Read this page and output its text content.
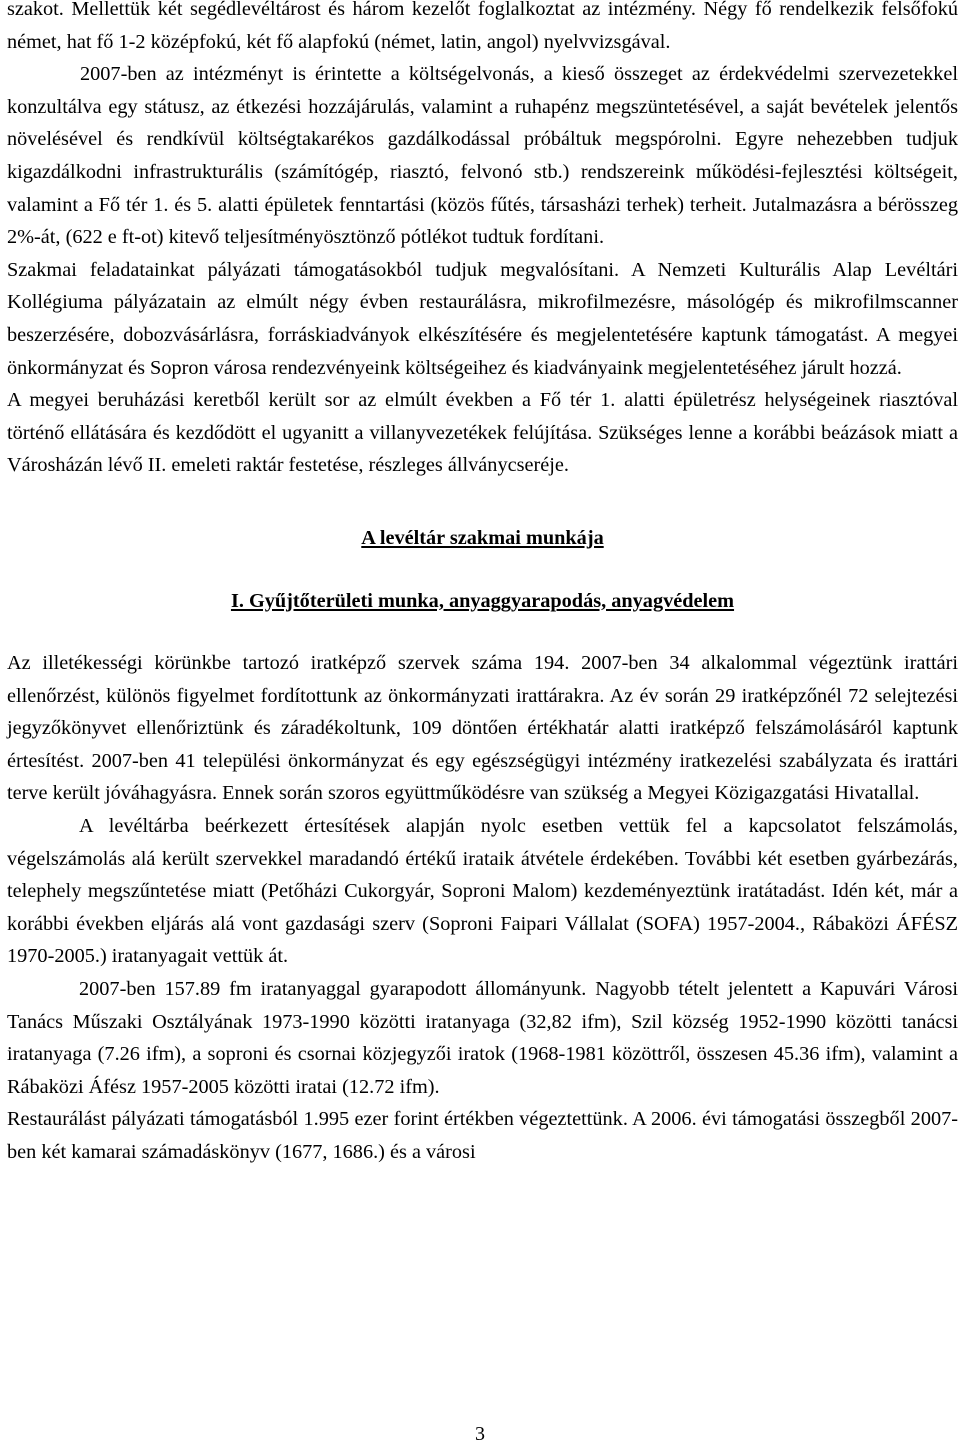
szakot. Mellettük két segédlevéltárost és három kezelőt foglalkoztat az intézmény. Négy fő rendelkezik felsőfokú német, hat fő 1-2 középfokú, két fő alapfokú (német, latin, angol) nyelvvizsgával.

2007-ben az intézményt is érintette a költségelvonás, a kieső összeget az érdekvédelmi szervezetekkel konzultálva egy státusz, az étkezési hozzájárulás, valamint a ruhapénz megszüntetésével, a saját bevételek jelentős növelésével és rendkívül költségtakarékos gazdálkodással próbáltuk megspórolni. Egyre nehezebben tudjuk kigazdálkodni infrastrukturális (számítógép, riasztó, felvonó stb.) rendszereink működési-fejlesztési költségeit, valamint a Fő tér 1. és 5. alatti épületek fenntartási (közös fűtés, társasházi terhek) terheit. Jutalmazásra a bérösszeg 2%-át, (622 e ft-ot) kitevő teljesítményösztönző pótlékot tudtuk fordítani.

Szakmai feladatainkat pályázati támogatásokból tudjuk megvalósítani. A Nemzeti Kulturális Alap Levéltári Kollégiuma pályázatain az elmúlt négy évben restaurálásra, mikrofilmezésre, másológép és mikrofilmscanner beszerzésére, dobozvásárlásra, forráskiadványok elkészítésére és megjelentetésére kaptunk támogatást. A megyei önkormányzat és Sopron városa rendezvényeink költségeihez és kiadványaink megjelentetéséhez járult hozzá.

A megyei beruházási keretből került sor az elmúlt években a Fő tér 1. alatti épületrész helységeinek riasztóval történő ellátására és kezdődött el ugyanitt a villanyvezetékek felújítása. Szükséges lenne a korábbi beázások miatt a Városházán lévő II. emeleti raktár festetése, részleges állványcseréje.

A levéltár szakmai munkája
I. Gyűjtőterületi munka, anyaggyarapodás, anyagvédelem

Az illetékességi körünkbe tartozó iratképző szervek száma 194. 2007-ben 34 alkalommal végeztünk irattári ellenőrzést, különös figyelmet fordítottunk az önkormányzati irattárakra. Az év során 29 iratképzőnél 72 selejtezési jegyzőkönyvet ellenőriztünk és záradékoltunk, 109 döntően értékhatár alatti iratképző felszámolásáról kaptunk értesítést. 2007-ben 41 települési önkormányzat és egy egészségügyi intézmény iratkezelési szabályzata és irattári terve került jóváhagyásra. Ennek során szoros együttműködésre van szükség a Megyei Közigazgatási Hivatallal.

A levéltárba beérkezett értesítések alapján nyolc esetben vettük fel a kapcsolatot felszámolás, végelszámolás alá került szervekkel maradandó értékű irataik átvétele érdekében. További két esetben gyárbezárás, telephely megszűntetése miatt (Petőházi Cukorgyár, Soproni Malom) kezdeményeztünk iratátadást. Idén két, már a korábbi években eljárás alá vont gazdasági szerv (Soproni Faipari Vállalat (SOFA) 1957-2004., Rábaközi ÁFÉSZ 1970-2005.) iratanyagait vettük át.

2007-ben 157.89 fm iratanyaggal gyarapodott állományunk. Nagyobb tételt jelentett a Kapuvári Városi Tanács Műszaki Osztályának 1973-1990 közötti iratanyaga (32,82 ifm), Szil község 1952-1990 közötti tanácsi iratanyaga (7.26 ifm), a soproni és csornai közjegyzői iratok (1968-1981 közöttről, összesen 45.36 ifm), valamint a Rábaközi Áfész 1957-2005 közötti iratai (12.72 ifm).

Restaurálást pályázati támogatásból 1.995 ezer forint értékben végeztettünk. A 2006. évi támogatási összegből 2007-ben két kamarai számadáskönyv (1677, 1686.) és a városi

3
